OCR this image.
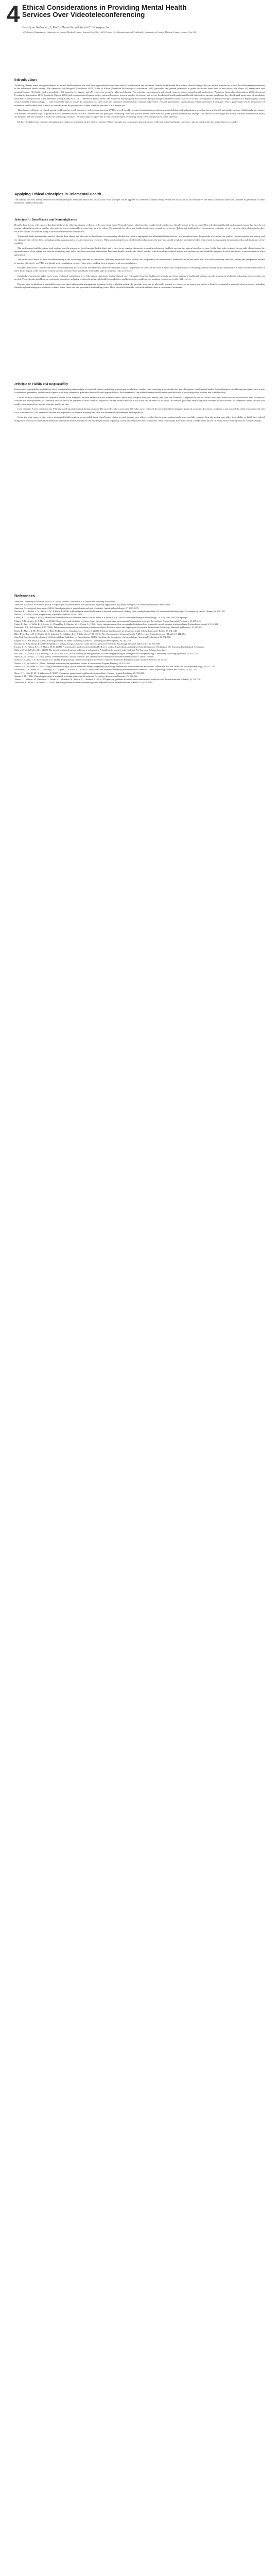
4 Ethical Considerations in Providing Mental Health Services Over Videoteleconferencing
Eve-Lynn Nelson^a,*, Kathy Davis^b and Sarah E. Velasquez^a
^aPediatrics Department, University of Kansas Medical Center, Kansas City, KS; ^bKU Center for Telemedicine and Telehealth, University of Kansas Medical Center, Kansas City, KS
Introduction

Technology brings many new opportunities for mental health services, but with these opportunities come new ethical considerations and dilemmas. Similar to traditional face-to-face clinical settings, the core ethical concerns to protect the client remain paramount in the telemental health setting. The American Psychological Association (APA) Code of Ethics (American Psychological Association, 2002) provides five general principles to guide discussion about how to best protect the client: (1) beneficence and nonmaleficence; (2) fidelity and responsibility; (3) integrity; (4) justice; and (5) respect for people's rights and dignity. The principles encompass broad ethical concepts across mental health professions (American Counseling Association, 2005; American Psychiatric Association, 2010; Kaplan & Clinton, 2005) and common ethical issues such as informed consent, privacy, conflict of interest, and access. Leading telehealth and mental health associations strongly emphasize the ethical-legal importance of translating these ethical best practices to the telehealth setting (Grady et al., 2011; Maheu & Pulier, 2005). The American Psychological Association's Telepsychology Guidelines (Joint Task Force for the Development of Telepsychology Guidelines for Psychologists, 2013) advises that the telepsychologist '... take reasonable steps to ensure the competence of their work and to protect clients/patients, students, supervisees, research participants, organizational clients, and others from harm.' This is particularly true in the practice of telemental health where there is much to consider about the protection of clients when the provider is at a distant site.

This chapter will focus on ethical mental health practices with interactive videoteleconferencing (VTC), as well as address ethical considerations with emerging telebehavioral technologies, including home telehealth and mobile devices. Additionally, the chapter will address 'reasonable steps' to promote ethical telemental health practice. Nonetheless, the principles underlying telehealth practice are the same ones that guide practice in traditional settings. The authors acknowledge that ethical concerns in telemental health are dynamic and will continue to evolve as technology advances. We encourage each provider to stay informed about technology and to keep 'best practices' in the forefront.

We have included case examples throughout the chapter to help illustrate key ethical concepts. These examples are composites, drawn from our collective telemental health experience, and do not describe any single client or provider.

Applying Ethical Principles in Telemental Health

The authors will first briefly describe the ethical principles delineated above and discuss how each principle can be applied in a telemental health setting. While the discussion is not exhaustive, the ethical questions raised are intended to generalize to other telemental health technologies.

Principle A: Beneficence and Nonmaleficence

Broadly, beneficence refers to acts that benefit clients by relieving distress or illness, or by preventing harm. Nonmaleficence, which is often coupled with beneficence, literally means to 'do no harm.' Not only do mental health professionals ensure that they do not engage in harmful practices, but they also strive to protect vulnerable persons from harm by others. The rationale for telemental health practice is to expand access to care. Telemental health delivery can improve continuity of care, increase client choice, and reduce the travel burden for families living in rural and underserved communities.

Telemental health professionals need to identify their clients and take care to do no harm. In considering whether the client is appropriate for telemental health services, it is incumbent upon the provider to examine the goals of the intervention, the setting, and the characteristics of the client, including safety planning and access to emergency resources. When considering the use of telehealth technologies, the provider should weigh the potential benefits of increased access against the potential risks and limitations of the modality.

The professional and the patient both explore how the purpose of the telemental health clinic and is there is an ongoing discussion to confirm telemental health is meeting the patient's needs over time. In the first video settings, the provider should assess the appropriateness of the setting and how the technology may affect the client–provider relationship. Providers should consider the client's comfort with technology, cultural factors, and preferences, and should be prepared to offer alternative, in-person services when appropriate.

The professional needs to have an understanding of the technology used and its limitations, including bandwidth, audio quality, and the potential for interruptions. Mental health professionals must also ensure that they have the training and competence needed to practice effectively via VTC, and should seek consultation or supervision when working in new areas or with new populations.

Providers should also consider the limits of confidentiality and privacy in the telemental health environment, such as the presence of others in the room at either site, the possibility of recording, and the security of the transmission. Clients should be informed of these limits as part of the informed consent process, and providers should take reasonable steps to minimize risks to privacy.

Standards of practicing within one's scope of clinical competence are of the utmost importance during clinical care. Although telemental health professionals may have training in traditional settings, specific training in telehealth technology and procedures is needed. Professionals should pursue continuing education, including technical training, telehealth law and ethics, and best practice guidelines, to maintain competence as the field evolves.

Remote sites, in addition to nonmaleficence, also must address risk management planning. In the telehealth setting, the provider may not be physically present to respond to an emergency, and it is therefore essential to establish clear protocols, including identifying local emergency resources, contacts at the client site, and procedures for handling crises. These protocols should be reviewed with the client at the outset of treatment.

Principle B: Fidelity and Responsibility

Professional responsibility and fidelity refers to establishing relationships of trust with clients, upholding professional standards of conduct, and clarifying professional roles and obligations. In telemental health, the involvement of additional personnel, such as site coordinators, presenters, and technical support staff, may create new questions about roles and responsibilities. Each member of the telehealth team should understand their role in protecting client welfare and confidentiality.

One of the most common ethical dilemmas occurs in the attempt to balance beneficence and nonmaleficence. Since most therapies have both benefits and risks, the counselor is expected to explain these to the client. Mental health professionals need to carefully consider the appropriateness of telehealth services and to be prepared to refer clients to in-person services when telehealth is not in the best interests of the client. In addition, providers should regularly reassess the effectiveness of telemental health services and modify their approach as needed to ensure quality of care.

Case example: A teen client seen via VTC disclosed suicidal ideation during a session. The provider, who was located 200 miles away, followed the pre-established emergency protocol, contacted the onsite coordinator, and ensured the client was connected with local crisis services. This example illustrates the importance of advance planning and clear role delineation in telemental health practice.

Given the wide range of sites where telemental health services are provided, from school-based clinics to rural primary care offices, to the client's home, professionals must carefully consider how the setting may affect their ability to fulfill their ethical obligations. The use of home-based telehealth and mobile devices introduces new challenges related to privacy, safety, and the professional boundaries of the relationship. Providers should consider these factors carefully before offering services in these settings.

References
American Counseling Association. (2005). ACA code of ethics. Alexandria, VA: American Counseling Association.
American Psychiatric Association. (2010). The principles of medical ethics with annotations especially applicable to psychiatry. Arlington, VA: American Psychiatric Association.
American Psychological Association. (2002). Ethical principles of psychologists and code of conduct. American Psychologist, 57, 1060–1073.
Bischoff, R. J., Hollist, C. S., Smith, C. W., & Flack, P. (2004). Addressing the mental health needs of the rural underserved: Findings from a multiple case study of a behavioral telehealth project. Contemporary Family Therapy, 26, 179–198.
Brown, F. W. (1998). Rural telepsychiatry. Psychiatric Services, 49, 963–964.
Caudill, R. L., & Sager, Z. (2015). Institutional considerations for telemental health. In P. W. Tuerk & P. Shore (Eds.), Clinical videoconferencing in telehealth (pp. 73–103). New York, NY: Springer.
Chipps, J., Brysiewicz, P., & Mars, M. (2012). Effectiveness and feasibility of telepsychiatry in resource constrained environments? A systematic review of the evidence. African Journal of Psychiatry, 15, 235–243.
Cukor, P., Baer, L., Willis, B. S., Leahy, L., O'Laughlen, J., Murphy, M., ... Cohen, L. (1998). Use of videophones and low-cost standard telephone lines to provide a social presence in telepsychiatry. Telemedicine Journal, 4, 313–321.
Glueckauf, R. L., & Ketterson, T. U. (2004). Telehealth interventions for individuals with chronic illness: Research review and implications for practice. Professional Psychology: Research and Practice, 35, 615–627.
Grady, B., Myers, K. M., Nelson, E.-L., Belz, N., Bennett, L., Carnahan, L., ... Voyles, D. (2011). Evidence-based practice for telemental health. Telemedicine and e-Health, 17, 131–148.
Hilty, D. M., Ferrer, D. C., Parish, M. B., Johnston, B., Callahan, E. J., & Yellowlees, P. M. (2013). The effectiveness of telemental health: A 2013 review. Telemedicine and e-Health, 19, 444–454.
Joint Task Force for the Development of Telepsychology Guidelines for Psychologists. (2013). Guidelines for the practice of telepsychology. American Psychologist, 68, 791–800.
Kaplan, D. M., & Clinton, L. (2005). Ethical guidelines for online counseling. Journal of Counseling and Development, 83, 263–270.
Koocher, G. P., & Morray, E. (2000). Regulation of telepsychology: A survey of state attorneys general. Professional Psychology: Research and Practice, 31, 503–508.
Luxton, D. D., Nelson, E.-L., & Maheu, M. M. (2016). A practitioner's guide to telemental health: How to conduct legal, ethical, and evidence-based telepractice. Washington, DC: American Psychological Association.
Maheu, M. M., & Pulier, M. L. (2005). The mental health professional and the new technologies: A handbook for practice today. Mahwah, NJ: Lawrence Erlbaum Associates.
McCord, C. E., Saenz, J. J., Armstrong, T. W., & Elliott, T. R. (2015). Training the next generation of counseling psychologists in the practice of telepsychology. Counselling Psychology Quarterly, 28, 324–344.
Myers, K., & Turvey, C. L. (Eds.). (2013). Telemental health: Clinical, technical, and administrative foundations for evidence-based practice. London: Elsevier.
Nelson, E.-L., Bui, T. N., & Velasquez, S. E. (2011). Telepsychology: Research and practice overview. Child and Adolescent Psychiatric Clinics of North America, 20, 67–79.
Nelson, E.-L., & Palsbo, S. (2006). Challenges in telemedicine equivalence studies. Evaluation and Program Planning, 29, 419–425.
Nelson, E.-L., & Patton, S. (2016). Using videoconferencing to deliver individual therapy and pediatric psychology interventions with children and adolescents. Journal of Child and Adolescent Psychopharmacology, 26, 212–220.
Richardson, L. K., Frueh, B. C., Grubaugh, A. L., Egede, L., & Elhai, J. D. (2009). Current directions in videoconferencing tele-mental health research. Clinical Psychology: Science and Practice, 16, 323–338.
Shore, J. H., Hilty, D. M., & Yellowlees, P. (2007). Emergency management guidelines for telepsychiatry. General Hospital Psychiatry, 29, 199–206.
Stamm, B. H. (1998). Clinical applications of telehealth in mental health care. Professional Psychology: Research and Practice, 29, 536–542.
Turvey, C., Coleman, M., Dennison, O., Drude, K., Goldenson, M., Hirsch, P., ... Bernard, J. (2013). ATA practice guidelines for video-based online mental health services. Telemedicine and e-Health, 19, 722–730.
Yellowlees, P., Shore, J., & Roberts, L. (2010). Practice guidelines for videoconferencing-based telemental health. Telemedicine and e-Health, 16, 1074–1089.
